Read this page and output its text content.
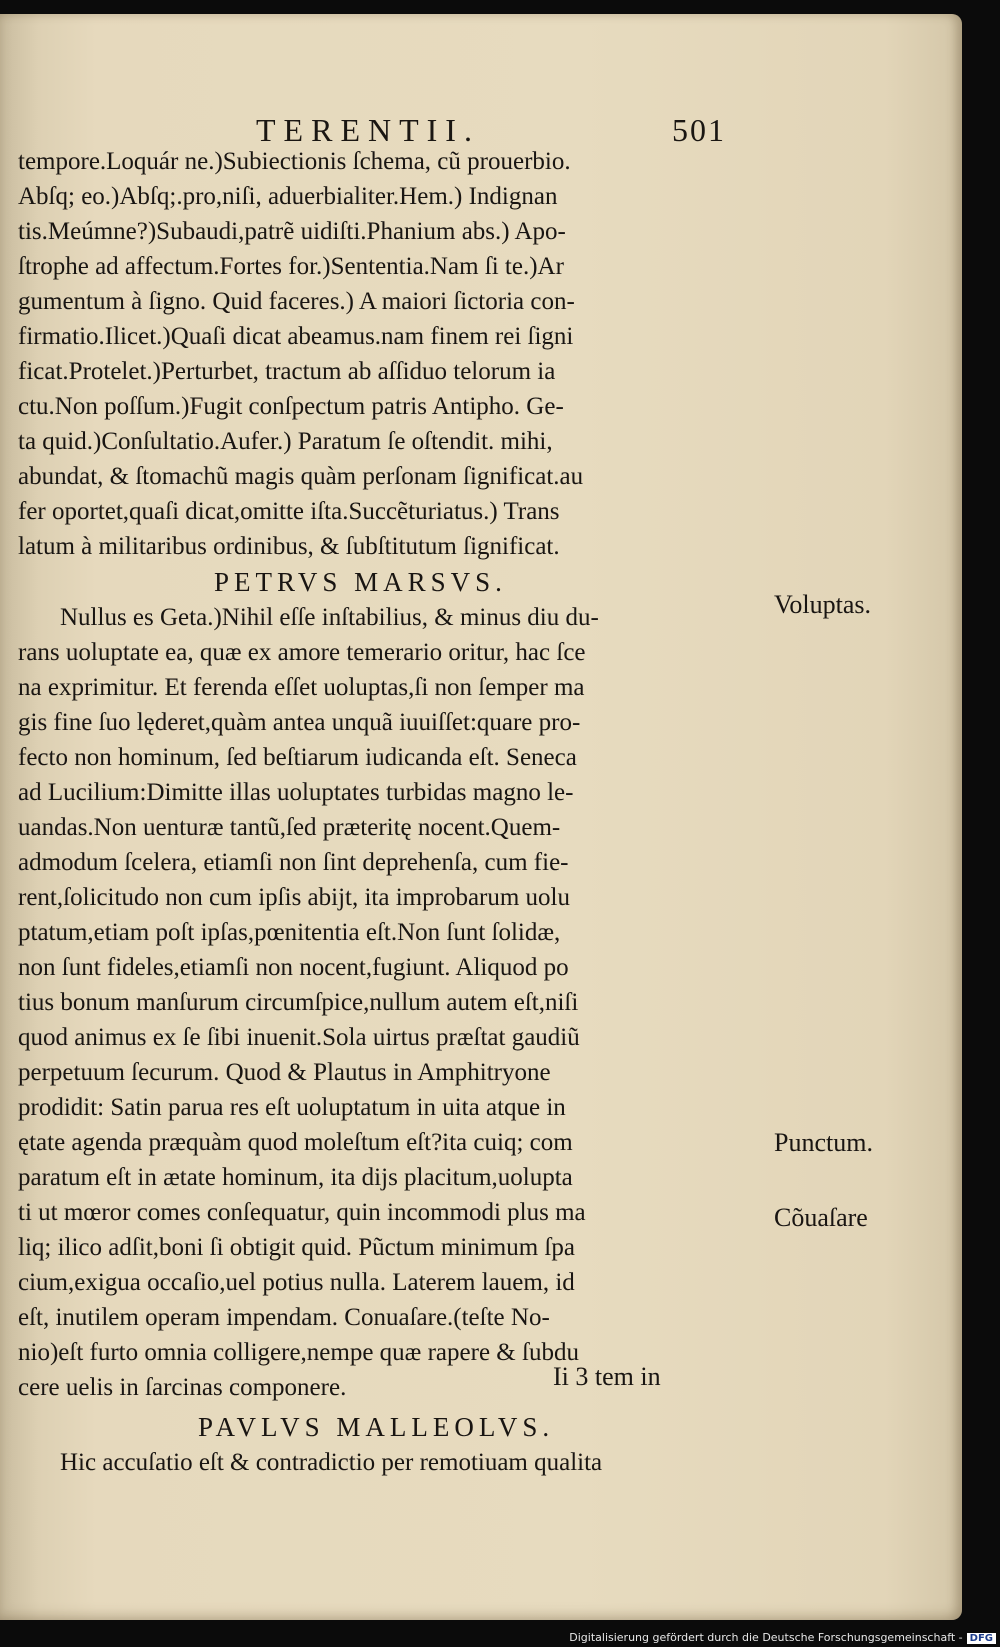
TERENTII.	501
tempore.Loquár ne.)Subiectionis ſchema, cũ prouerbio.
Abſq; eo.)Abſq;.pro,niſi, aduerbialiter.Hem.) Indignan
tis.Meúmne?)Subaudi,patrẽ uidiſti.Phanium abs.) Apo-
ſtrophe ad affectum.Fortes for.)Sententia.Nam ſi te.)Ar
gumentum à ſigno. Quid faceres.) A maiori ſictoria con-
firmatio.Ilicet.)Quaſi dicat abeamus.nam finem rei ſigni
ficat.Protelet.)Perturbet, tractum ab aſſiduo telorum ia
ctu.Non poſſum.)Fugit conſpectum patris Antipho. Ge-
ta quid.)Conſultatio.Aufer.) Paratum ſe oſtendit. mihi,
abundat, & ſtomachũ magis quàm perſonam ſignificat.au
fer oportet,quaſi dicat,omitte iſta.Succẽturiatus.) Trans
latum à militaribus ordinibus, & ſubſtitutum ſignificat.
PETRVS MARSVS.
Nullus es Geta.)Nihil eſſe inſtabilius, & minus diu du-
rans uoluptate ea, quæ ex amore temerario oritur, hac ſce
na exprimitur. Et ferenda eſſet uoluptas,ſi non ſemper ma
gis fine ſuo lęderet,quàm antea unquã iuuiſſet:quare pro-
fecto non hominum, ſed beſtiarum iudicanda eſt. Seneca
ad Lucilium:Dimitte illas uoluptates turbidas magno le-
uandas.Non uenturæ tantũ,ſed præteritę nocent.Quem-
admodum ſcelera, etiamſi non ſint deprehenſa, cum fie-
rent,ſolicitudo non cum ipſis abijt, ita improbarum uolu
ptatum,etiam poſt ipſas,pœnitentia eſt.Non ſunt ſolidæ,
non ſunt fideles,etiamſi non nocent,fugiunt. Aliquod po
tius bonum manſurum circumſpice,nullum autem eſt,niſi
quod animus ex ſe ſibi inuenit.Sola uirtus præſtat gaudiũ
perpetuum ſecurum. Quod & Plautus in Amphitryone
prodidit: Satin parua res eſt uoluptatum in uita atque in
ętate agenda præquàm quod moleſtum eſt?ita cuiq; com
paratum eſt in ætate hominum, ita dijs placitum,uolupta
ti ut mœror comes conſequatur, quin incommodi plus ma
liq; ilico adſit,boni ſi obtigit quid. Pũctum minimum ſpa
cium,exigua occaſio,uel potius nulla. Laterem lauem, id
eſt, inutilem operam impendam. Conuaſare.(teſte No-
nio)eſt furto omnia colligere,nempe quæ rapere & ſubdu
cere uelis in ſarcinas componere.
PAVLVS MALLEOLVS.
Hic accuſatio eſt & contradictio per remotiuam qualita
Ii 3 tem in
Voluptas.
Punctum.
Cõuaſare
Digitalisierung gefördert durch die Deutsche Forschungsgemeinschaft - DFG
